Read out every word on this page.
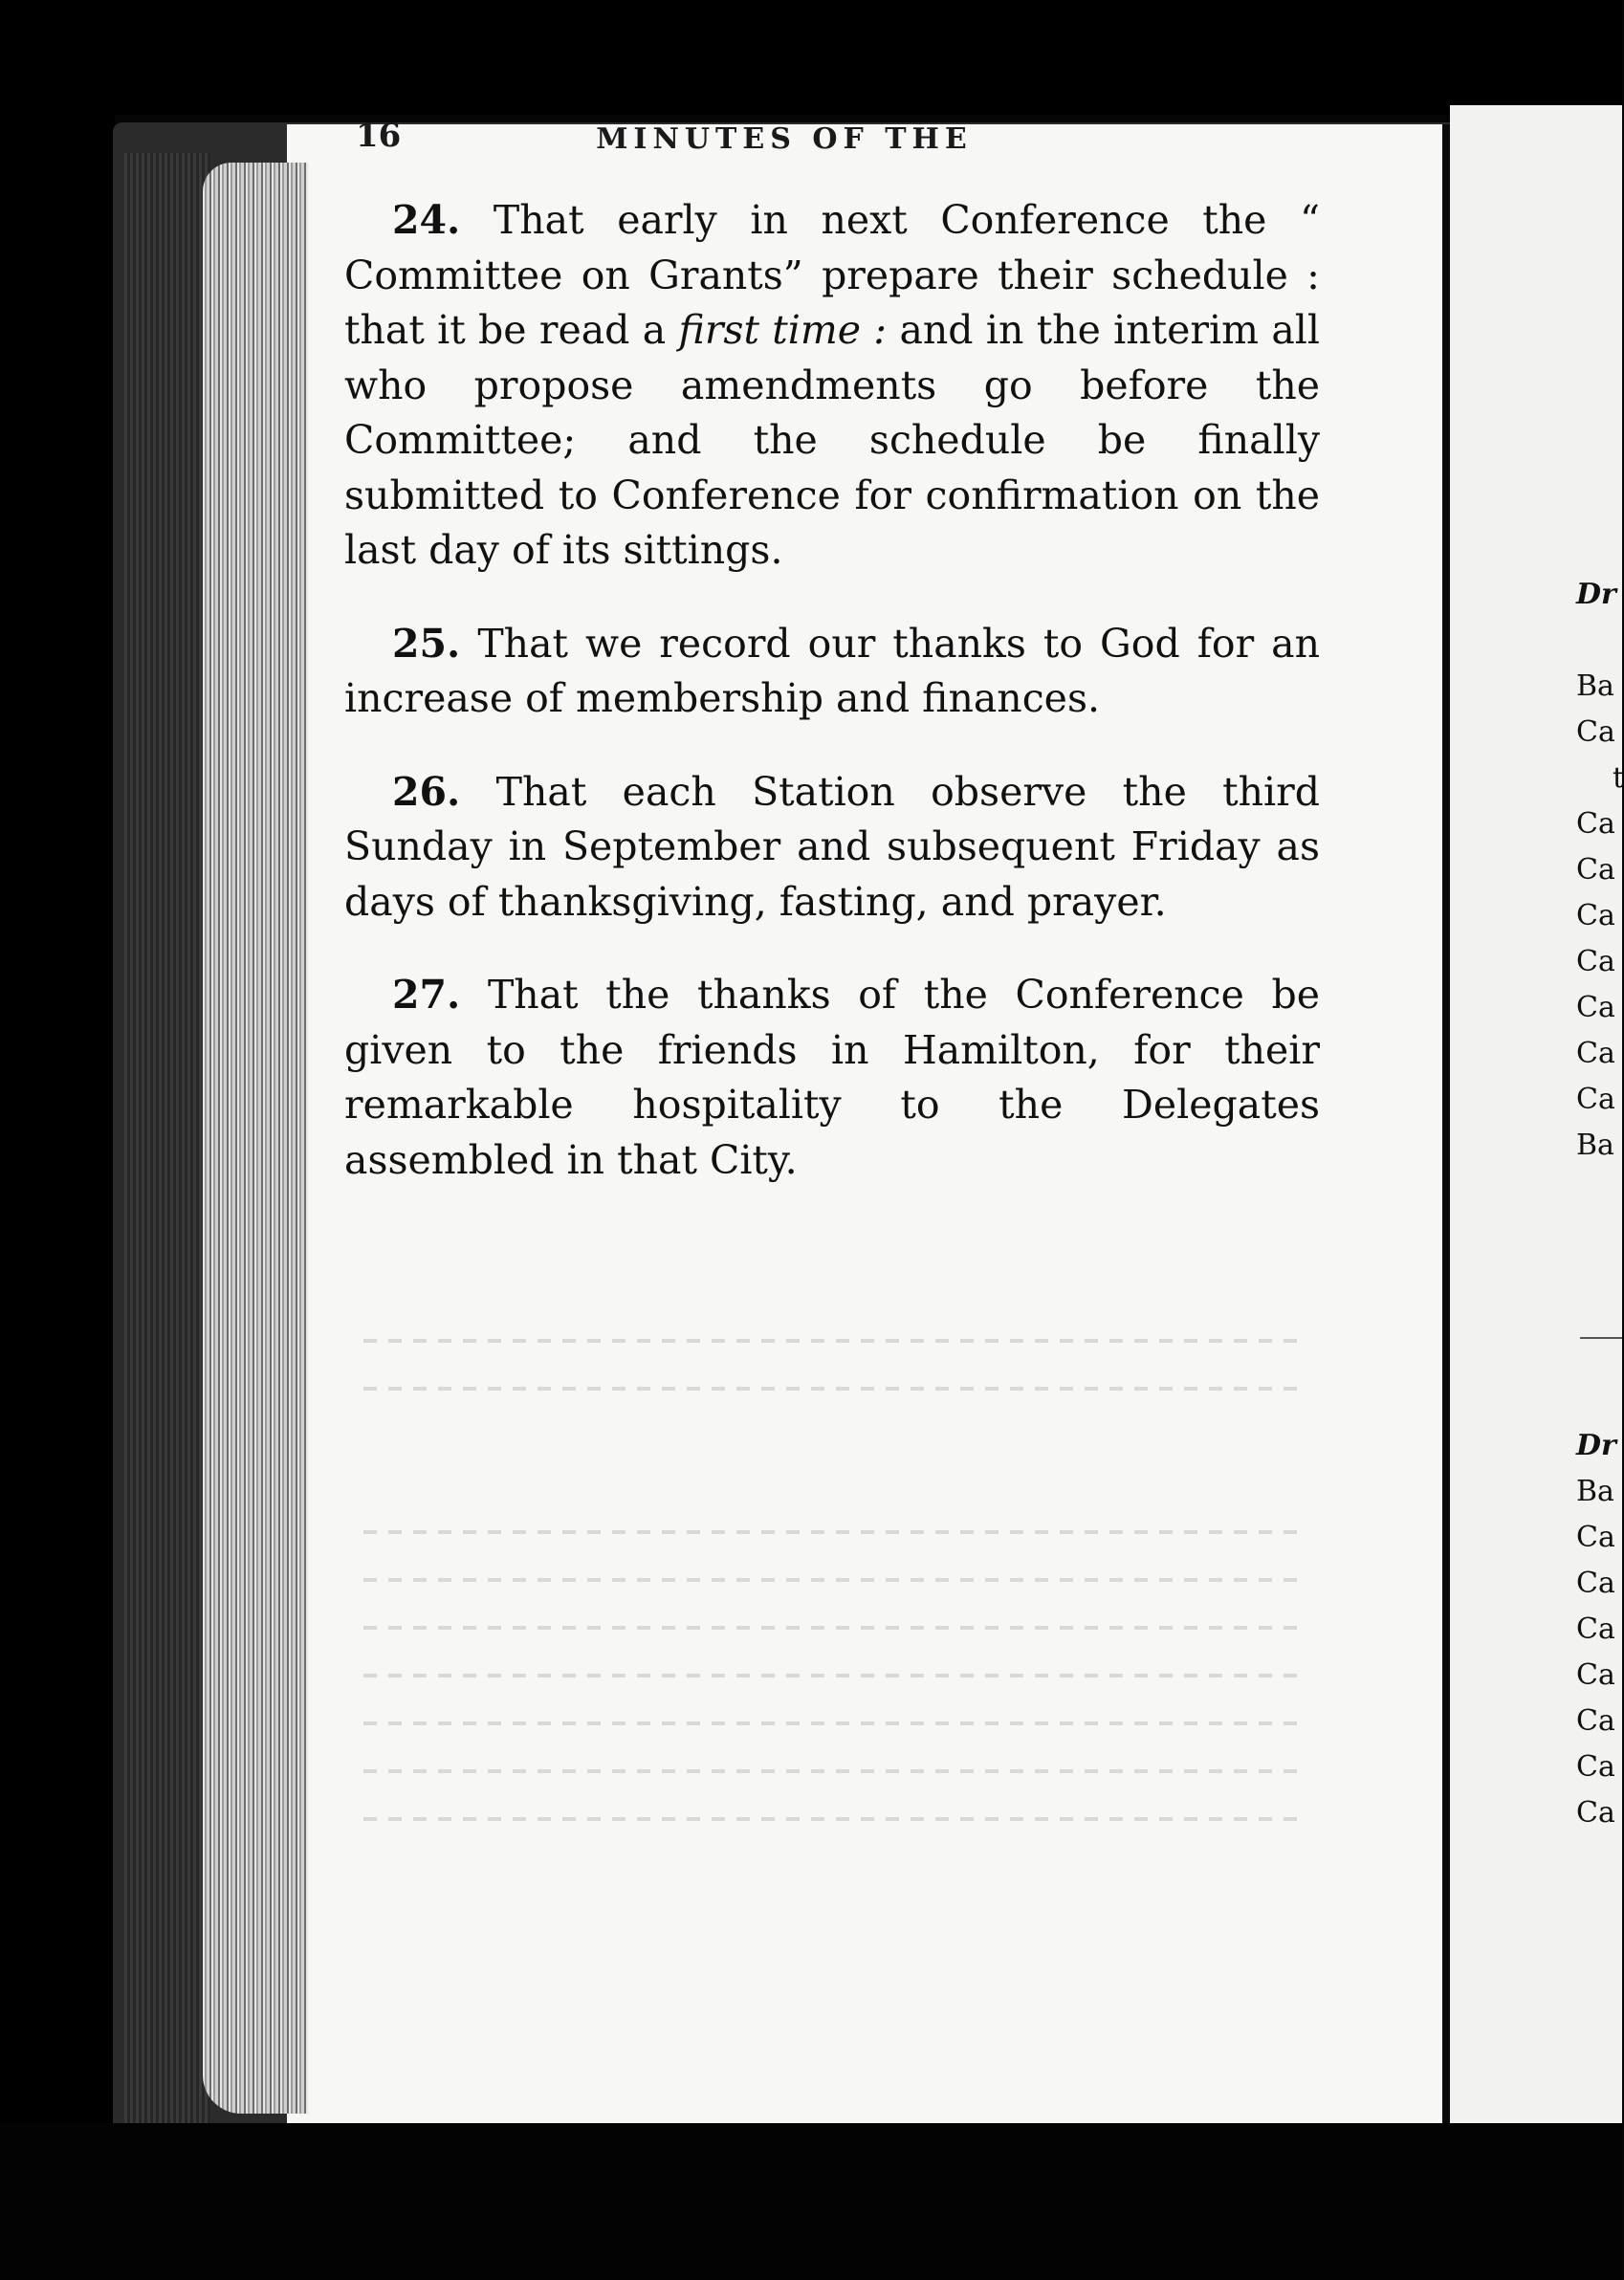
16	MINUTES OF THE

24. That early in next Conference the “ Committee on Grants” prepare their schedule : that it be read a first time : and in the interim all who propose amendments go before the Committee; and the schedule be finally submitted to Conference for confirmation on the last day of its sittings.

25. That we record our thanks to God for an increase of membership and finances.

26. That each Station observe the third Sunday in September and subsequent Friday as days of thanksgiving, fasting, and prayer.

27. That the thanks of the Conference be given to the friends in Hamilton, for their remarkable hospitality to the Delegates assembled in that City.

Dr
Ba
Ca
t
Ca
Ca
Ca
Ca
Ca
Ca
Ca
Ba
Dr
Ba
Ca
Ca
Ca
Ca
Ca
Ca
Ca
